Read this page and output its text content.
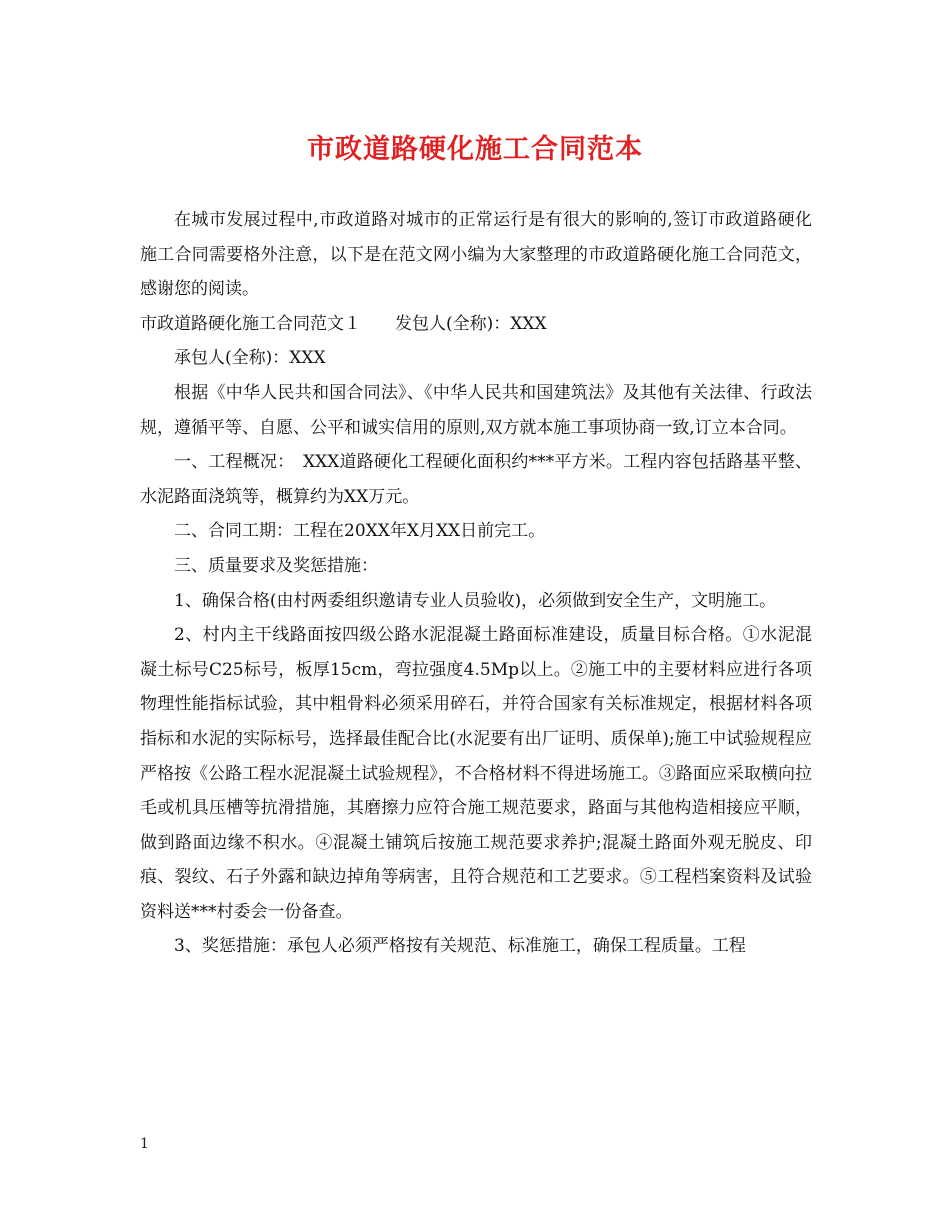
市政道路硬化施工合同范本

在城市发展过程中,市政道路对城市的正常运行是有很大的影响的,签订市政道路硬化施工合同需要格外注意，以下是在范文网小编为大家整理的市政道路硬化施工合同范文，感谢您的阅读。

市政道路硬化施工合同范文１　　发包人(全称)：XXX

承包人(全称)：XXX

根据《中华人民共和国合同法》、《中华人民共和国建筑法》及其他有关法律、行政法规，遵循平等、自愿、公平和诚实信用的原则,双方就本施工事项协商一致,订立本合同。

一、工程概况：　XXX道路硬化工程硬化面积约***平方米。工程内容包括路基平整、水泥路面浇筑等，概算约为XX万元。

二、合同工期：工程在20XX年X月XX日前完工。

三、质量要求及奖惩措施：

1、确保合格(由村两委组织邀请专业人员验收)，必须做到安全生产，文明施工。

2、村内主干线路面按四级公路水泥混凝土路面标准建设，质量目标合格。①水泥混凝土标号C25标号，板厚15cm，弯拉强度4.5Mp以上。②施工中的主要材料应进行各项物理性能指标试验，其中粗骨料必须采用碎石，并符合国家有关标准规定，根据材料各项指标和水泥的实际标号，选择最佳配合比(水泥要有出厂证明、质保单);施工中试验规程应严格按《公路工程水泥混凝土试验规程》，不合格材料不得进场施工。③路面应采取横向拉毛或机具压槽等抗滑措施，其磨擦力应符合施工规范要求，路面与其他构造相接应平顺，做到路面边缘不积水。④混凝土铺筑后按施工规范要求养护;混凝土路面外观无脱皮、印痕、裂纹、石子外露和缺边掉角等病害，且符合规范和工艺要求。⑤工程档案资料及试验资料送***村委会一份备查。

3、奖惩措施：承包人必须严格按有关规范、标准施工，确保工程质量。工程

1
